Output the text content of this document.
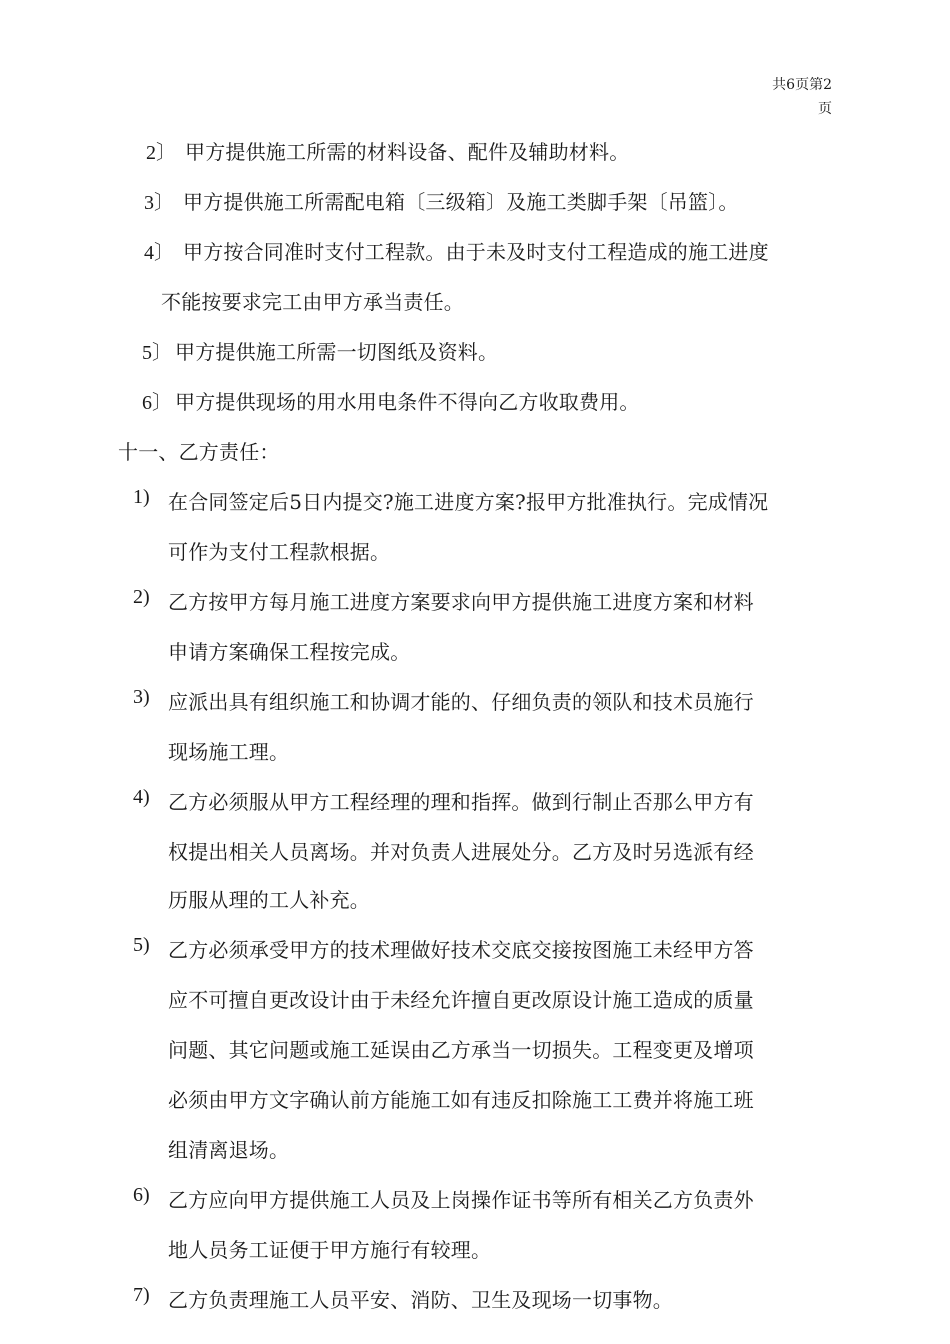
共6页第2
页
2〕 甲方提供施工所需的材料设备、配件及辅助材料。
3〕 甲方提供施工所需配电箱〔三级箱〕及施工类脚手架〔吊篮〕。
4〕 甲方按合同准时支付工程款。由于未及时支付工程造成的施工进度
不能按要求完工由甲方承当责任。
5〕 甲方提供施工所需一切图纸及资料。
6〕 甲方提供现场的用水用电条件不得向乙方收取费用。
十一、乙方责任：
1) 在合同签定后5日内提交?施工进度方案?报甲方批准执行。完成情况
可作为支付工程款根据。
2) 乙方按甲方每月施工进度方案要求向甲方提供施工进度方案和材料
申请方案确保工程按完成。
3) 应派出具有组织施工和协调才能的、仔细负责的领队和技术员施行
现场施工理。
4) 乙方必须服从甲方工程经理的理和指挥。做到行制止否那么甲方有
权提出相关人员离场。并对负责人进展处分。乙方及时另选派有经
历服从理的工人补充。
5) 乙方必须承受甲方的技术理做好技术交底交接按图施工未经甲方答
应不可擅自更改设计由于未经允许擅自更改原设计施工造成的质量
问题、其它问题或施工延误由乙方承当一切损失。工程变更及增项
必须由甲方文字确认前方能施工如有违反扣除施工工费并将施工班
组清离退场。
6) 乙方应向甲方提供施工人员及上岗操作证书等所有相关乙方负责外
地人员务工证便于甲方施行有较理。
7) 乙方负责理施工人员平安、消防、卫生及现场一切事物。
